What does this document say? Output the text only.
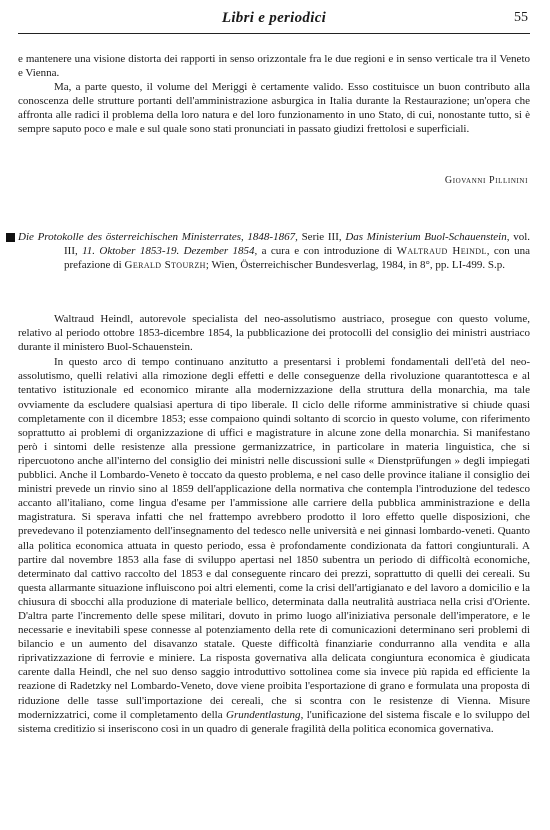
Libri e periodici	55
e mantenere una visione distorta dei rapporti in senso orizzontale fra le due regioni e in senso verticale tra il Veneto e Vienna.
Ma, a parte questo, il volume del Meriggi è certamente valido. Esso costituisce un buon contributo alla conoscenza delle strutture portanti dell'amministrazione asburgica in Italia durante la Restaurazione; un'opera che affronta alle radici il problema della loro natura e del loro funzionamento in uno Stato, di cui, nonostante tutto, si è sempre saputo poco e male e sul quale sono stati pronunciati in passato giudizi frettolosi e superficiali.
Giovanni Pillinini
Die Protokolle des österreichischen Ministerrates, 1848-1867, Serie III, Das Ministerium Buol-Schauenstein, vol. III, 11. Oktober 1853-19. Dezember 1854, a cura e con introduzione di Waltraud Heindl, con una prefazione di Gerald Stourzh; Wien, Österreichischer Bundesverlag, 1984, in 8°, pp. LI-499. S.p.

Waltraud Heindl, autorevole specialista del neo-assolutismo austriaco, prosegue con questo volume, relativo al periodo ottobre 1853-dicembre 1854, la pubblicazione dei protocolli del consiglio dei ministri austriaco durante il ministero Buol-Schauenstein.

In questo arco di tempo continuano anzitutto a presentarsi i problemi fondamentali dell'età del neo-assolutismo, quelli relativi alla rimozione degli effetti e delle conseguenze della rivoluzione quarantottesca e al tentativo istituzionale ed economico mirante alla modernizzazione della struttura della monarchia, ma tale ovviamente da escludere qualsiasi apertura di tipo liberale. Il ciclo delle riforme amministrative si chiude quasi completamente con il dicembre 1853; esse compaiono quindi soltanto di scorcio in questo volume, con riferimento soprattutto ai problemi di organizzazione di uffici e magistrature in alcune zone della monarchia. Si manifestano però i sintomi delle resistenze alla pressione germanizzatrice, in particolare in materia linguistica, che si ripercuotono anche all'interno del consiglio dei ministri nelle discussioni sulle « Dienstprüfungen » degli impiegati pubblici. Anche il Lombardo-Veneto è toccato da questo problema, e nel caso delle province italiane il consiglio dei ministri prevede un rinvio sino al 1859 dell'applicazione della normativa che contempla l'introduzione del tedesco accanto all'italiano, come lingua d'esame per l'ammissione alle carriere della pubblica amministrazione e della magistratura. Si sperava infatti che nel frattempo avrebbero prodotto il loro effetto quelle disposizioni, che prevedevano il potenziamento dell'insegnamento del tedesco nelle università e nei ginnasi lombardo-veneti. Quanto alla politica economica attuata in questo periodo, essa è profondamente condizionata da fattori congiunturali. A partire dal novembre 1853 alla fase di sviluppo apertasi nel 1850 subentra un periodo di difficoltà economiche, determinato dal cattivo raccolto del 1853 e dal conseguente rincaro dei prezzi, soprattutto di quelli dei cereali. Su questa allarmante situazione influiscono poi altri elementi, come la crisi dell'artigianato e del lavoro a domicilio e la chiusura di sbocchi alla produzione di materiale bellico, determinata dalla neutralità austriaca nella crisi d'Oriente. D'altra parte l'incremento delle spese militari, dovuto in primo luogo all'iniziativa personale dell'imperatore, e le necessarie e inevitabili spese connesse al potenziamento della rete di comunicazioni determinano seri problemi di bilancio e un aumento del disavanzo statale. Queste difficoltà finanziarie condurranno alla vendita e alla riprivatizzazione di ferrovie e miniere. La risposta governativa alla delicata congiuntura economica è giudicata carente dalla Heindl, che nel suo denso saggio introduttivo sottolinea come sia invece più rapida ed efficiente la reazione di Radetzky nel Lombardo-Veneto, dove viene proibita l'esportazione di grano e formulata una proposta di riduzione delle tasse sull'importazione dei cereali, che si scontra con le resistenze di Vienna. Misure modernizzatrici, come il completamento della Grundentlastung, l'unificazione del sistema fiscale e lo sviluppo del sistema creditizio si inseriscono così in un quadro di generale fragilità della politica economica governativa.
